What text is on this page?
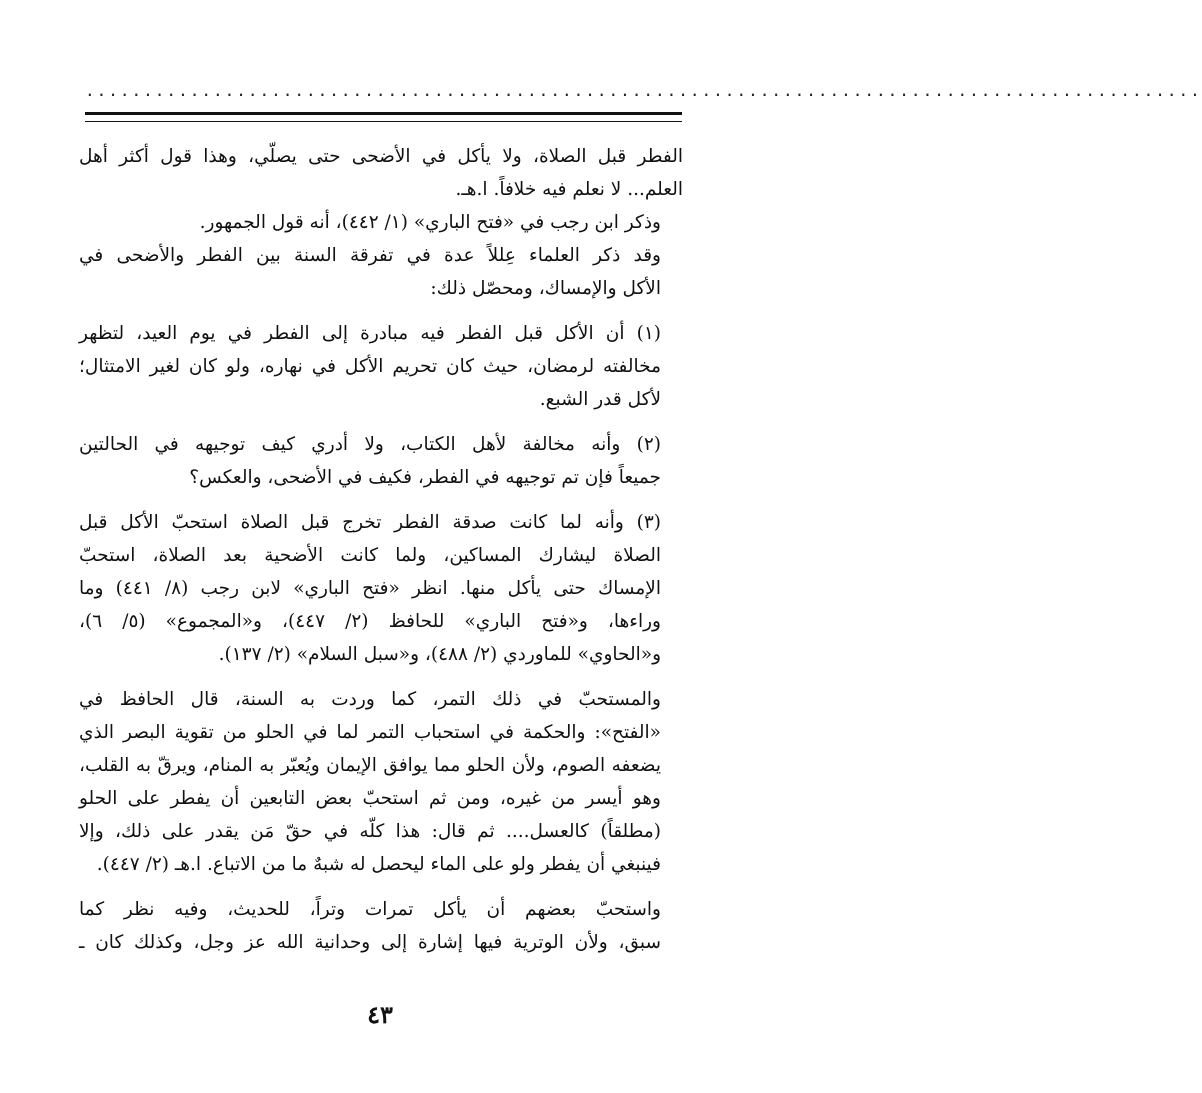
................................................................................................

الفطر قبل الصلاة، ولا يأكل في الأضحى حتى يصلّي، وهذا قول أكثر أهل
العلم... لا نعلم فيه خلافاً. ا.هـ.

وذكر ابن رجب في «فتح الباري» (١/ ٤٤٢)، أنه قول الجمهور.

وقد ذكر العلماء عِللاً عدة في تفرقة السنة بين الفطر والأضحى في
الأكل والإمساك، ومحصّل ذلك:

(١) أن الأكل قبل الفطر فيه مبادرة إلى الفطر في يوم العيد، لتظهر
مخالفته لرمضان، حيث كان تحريم الأكل في نهاره، ولو كان لغير الامتثال؛
لأكل قدر الشبع.

(٢) وأنه مخالفة لأهل الكتاب، ولا أدري كيف توجيهه في الحالتين
جميعاً فإن تم توجيهه في الفطر، فكيف في الأضحى، والعكس؟

(٣) وأنه لما كانت صدقة الفطر تخرج قبل الصلاة استحبّ الأكل قبل
الصلاة ليشارك المساكين، ولما كانت الأضحية بعد الصلاة، استحبّ
الإمساك حتى يأكل منها. انظر «فتح الباري» لابن رجب (٨/ ٤٤١) وما
وراءها، و«فتح الباري» للحافظ (٢/ ٤٤٧)، و«المجموع» (٥/ ٦)،
و«الحاوي» للماوردي (٢/ ٤٨٨)، و«سبل السلام» (٢/ ١٣٧).

والمستحبّ في ذلك التمر، كما وردت به السنة، قال الحافظ في
«الفتح»: والحكمة في استحباب التمر لما في الحلو من تقوية البصر الذي
يضعفه الصوم، ولأن الحلو مما يوافق الإيمان ويُعبّر به المنام، ويرقّ به القلب،
وهو أيسر من غيره، ومن ثم استحبّ بعض التابعين أن يفطر على الحلو
(مطلقاً) كالعسل.... ثم قال: هذا كلّه في حقّ مَن يقدر على ذلك، وإلا
فينبغي أن يفطر ولو على الماء ليحصل له شبهٌ ما من الاتباع. ا.هـ (٢/ ٤٤٧).

واستحبّ بعضهم أن يأكل تمرات وتراً، للحديث، وفيه نظر كما
سبق، ولأن الوترية فيها إشارة إلى وحدانية الله عز وجل، وكذلك كان ـ

٤٣
